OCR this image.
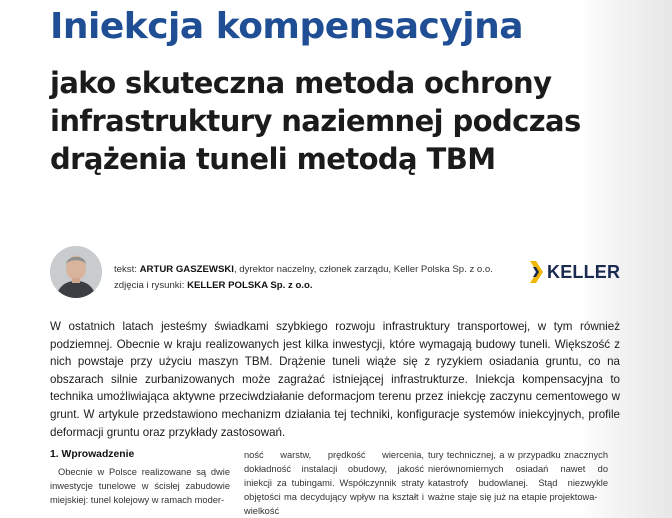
Iniekcja kompensacyjna
jako skuteczna metoda ochrony
infrastruktury naziemnej podczas
drążenia tuneli metodą TBM
tekst: ARTUR GASZEWSKI, dyrektor naczelny, członek zarządu, Keller Polska Sp. z o.o.
zdjęcia i rysunki: KELLER POLSKA Sp. z o.o.
KELLER

W ostatnich latach jesteśmy świadkami szybkiego rozwoju infrastruktury transportowej, w tym również podziemnej. Obecnie w kraju realizowanych jest kilka inwestycji, które wymagają budowy tuneli. Większość z nich powstaje przy użyciu maszyn TBM. Drążenie tuneli wiąże się z ryzykiem osiadania gruntu, co na obszarach silnie zurbanizowanych może zagrażać istniejącej infrastrukturze. Iniekcja kompensacyjna to technika umożliwiająca aktywne przeciwdziałanie deformacjom terenu przez iniekcję zaczynu cementowego w grunt. W artykule przedstawiono mechanizm działania tej techniki, konfiguracje systemów iniekcyjnych, profile deformacji gruntu oraz przykłady zastosowań.

1. Wprowadzenie

Obecnie w Polsce realizowane są dwie inwestycje tunelowe w ścisłej zabudowie miejskiej: tunel kolejowy w ramach moder-

ność warstw, prędkość wiercenia, dokładność instalacji obudowy, jakość iniekcji za tubingami. Współczynnik straty objętości ma decydujący wpływ na kształt i wielkość

tury technicznej, a w przypadku znacznych nierównomiernych osiadań nawet do katastrofy budowlanej. Stąd niezwykle ważne staje się już na etapie projektowa-
